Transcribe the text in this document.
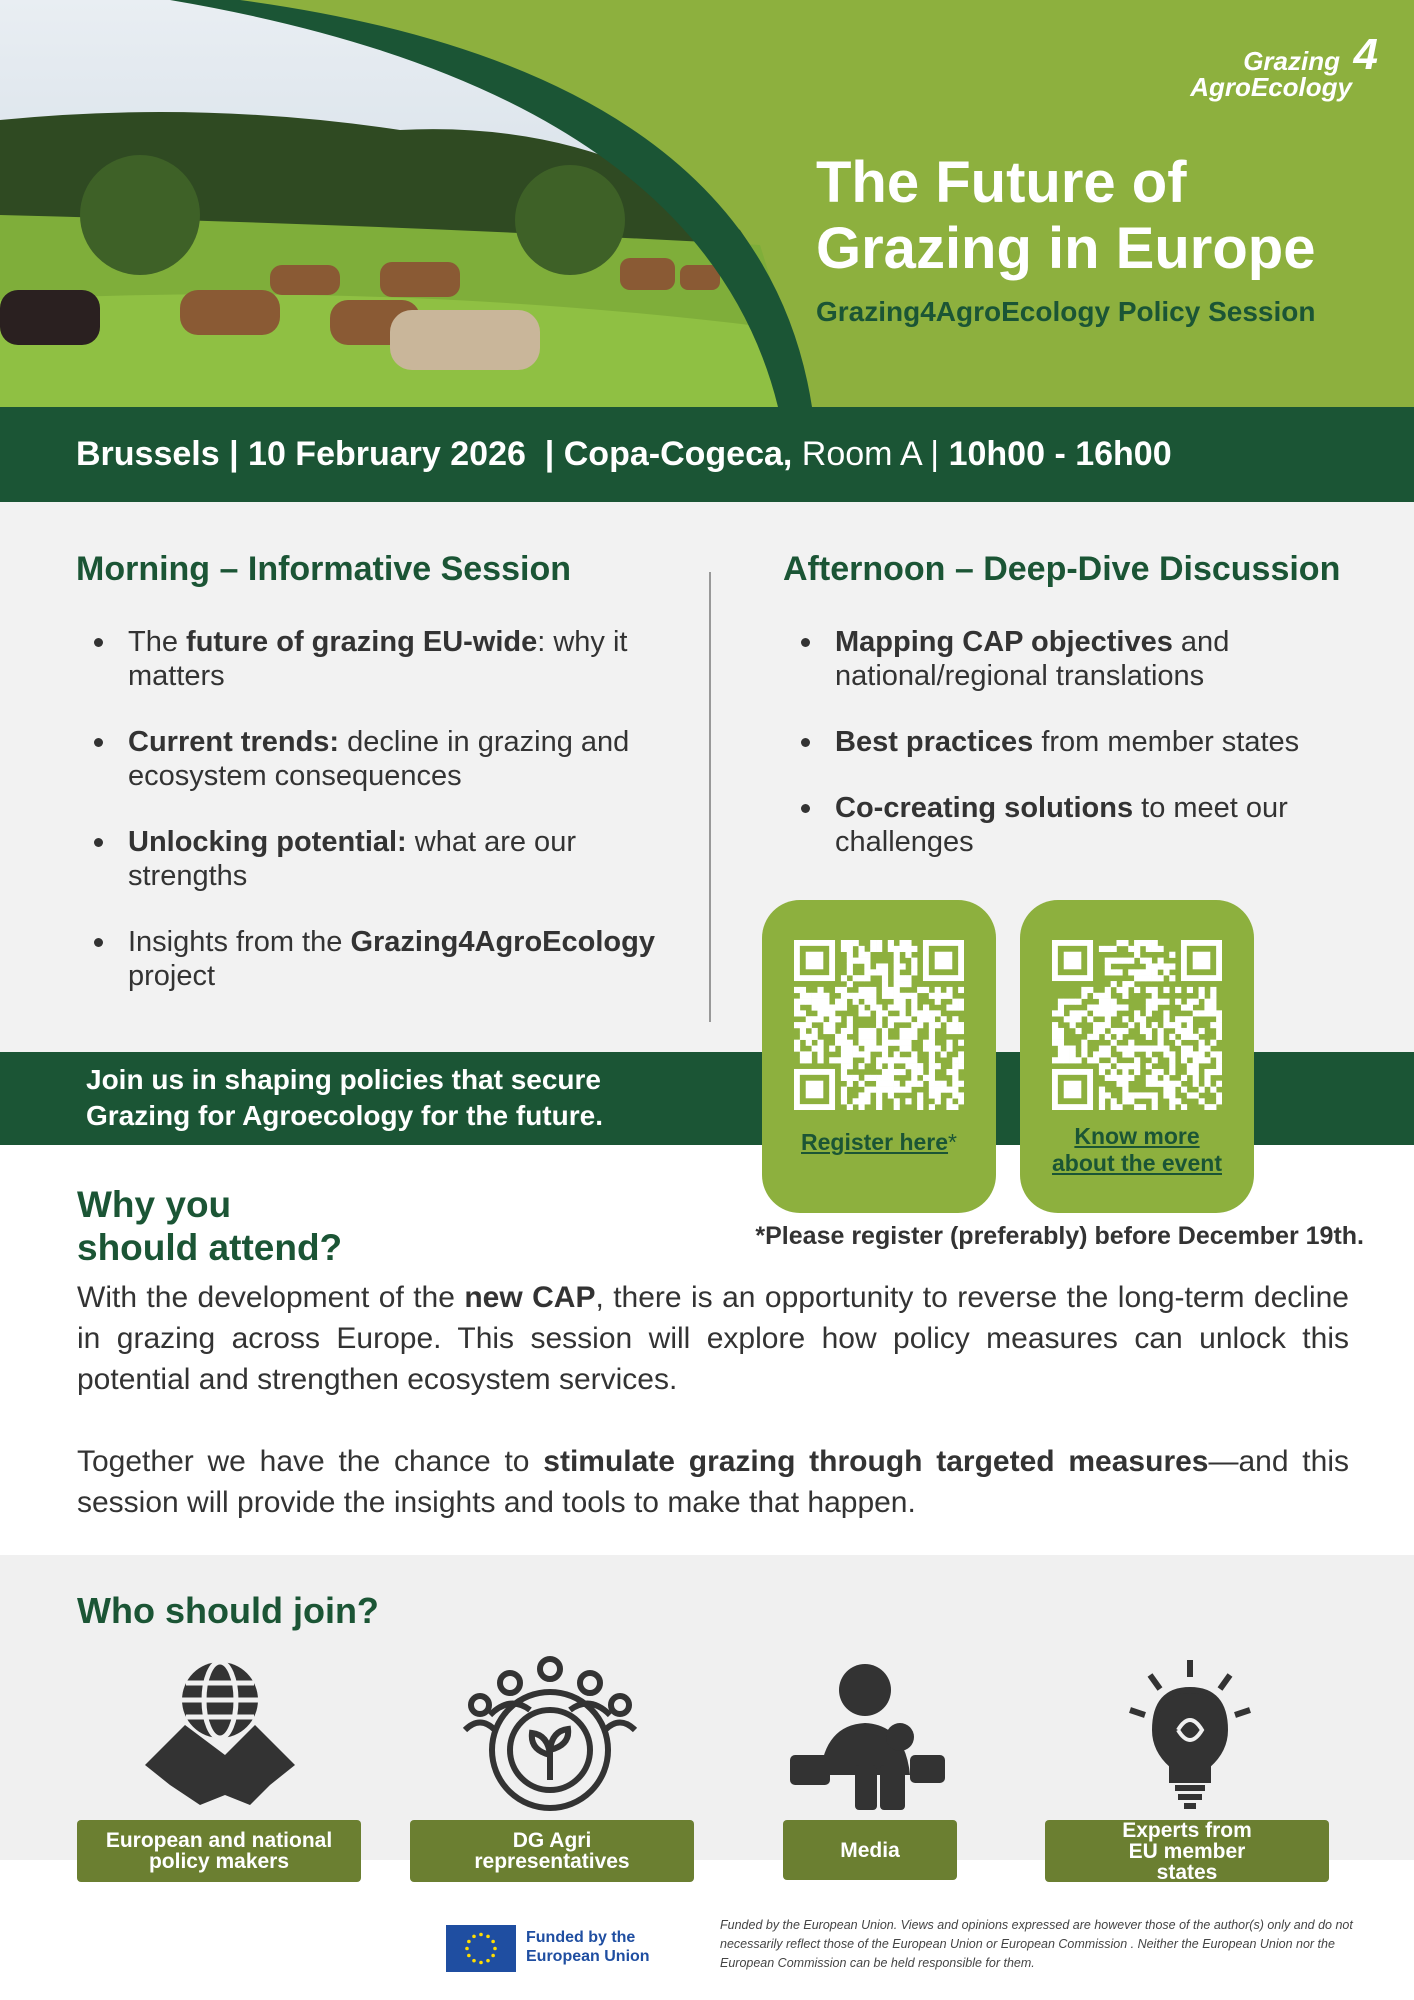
Grazing 4
AgroEcology
The Future of
Grazing in Europe
Grazing4AgroEcology Policy Session
Brussels | 10 February 2026 | Copa-Cogeca, Room A | 10h00 - 16h00
Morning – Informative Session
The future of grazing EU-wide: why it matters
Current trends: decline in grazing and ecosystem consequences
Unlocking potential: what are our strengths
Insights from the Grazing4AgroEcology project
Afternoon – Deep-Dive Discussion
Mapping CAP objectives and national/regional translations
Best practices from member states
Co-creating solutions to meet our challenges
Join us in shaping policies that secure
Grazing for Agroecology for the future.
Register here*	Know more about the event
*Please register (preferably) before December 19th.
Why you
should attend?

With the development of the new CAP, there is an opportunity to reverse the long-term decline in grazing across Europe. This session will explore how policy measures can unlock this potential and strengthen ecosystem services.

Together we have the chance to stimulate grazing through targeted measures—and this session will provide the insights and tools to make that happen.

Who should join?
European and national policy makers
DG Agri representatives	Media
Experts from EU member states
Funded by the European Union
Funded by the European Union. Views and opinions expressed are however those of the author(s) only and do not necessarily reflect those of the European Union or European Commission . Neither the European Union nor the European Commission can be held responsible for them.
